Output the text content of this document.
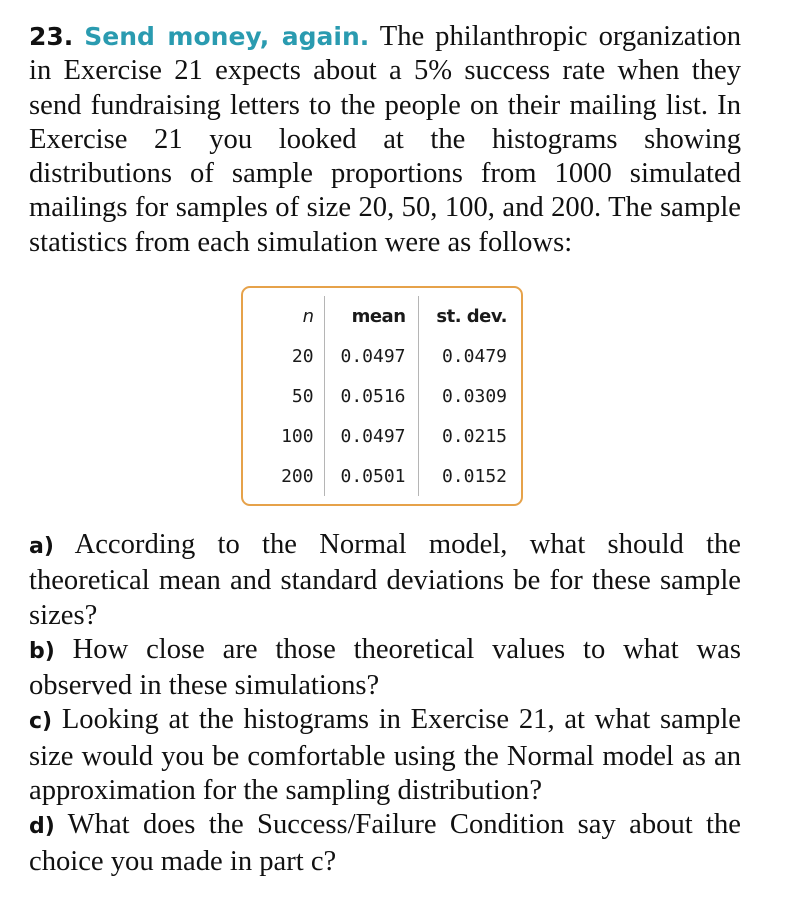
23. Send money, again. The philanthropic organization in Exercise 21 expects about a 5% success rate when they send fundraising letters to the people on their mailing list. In Exercise 21 you looked at the histograms showing distributions of sample proportions from 1000 simulated mailings for samples of size 20, 50, 100, and 200. The sample statistics from each simulation were as follows:

n	mean	st. dev.
20	0.0497	0.0479
50	0.0516	0.0309
100	0.0497	0.0215
200	0.0501	0.0152

a) According to the Normal model, what should the theoretical mean and standard deviations be for these sample sizes?

b) How close are those theoretical values to what was observed in these simulations?

c) Looking at the histograms in Exercise 21, at what sample size would you be comfortable using the Normal model as an approximation for the sampling distribution?

d) What does the Success/Failure Condition say about the choice you made in part c?
